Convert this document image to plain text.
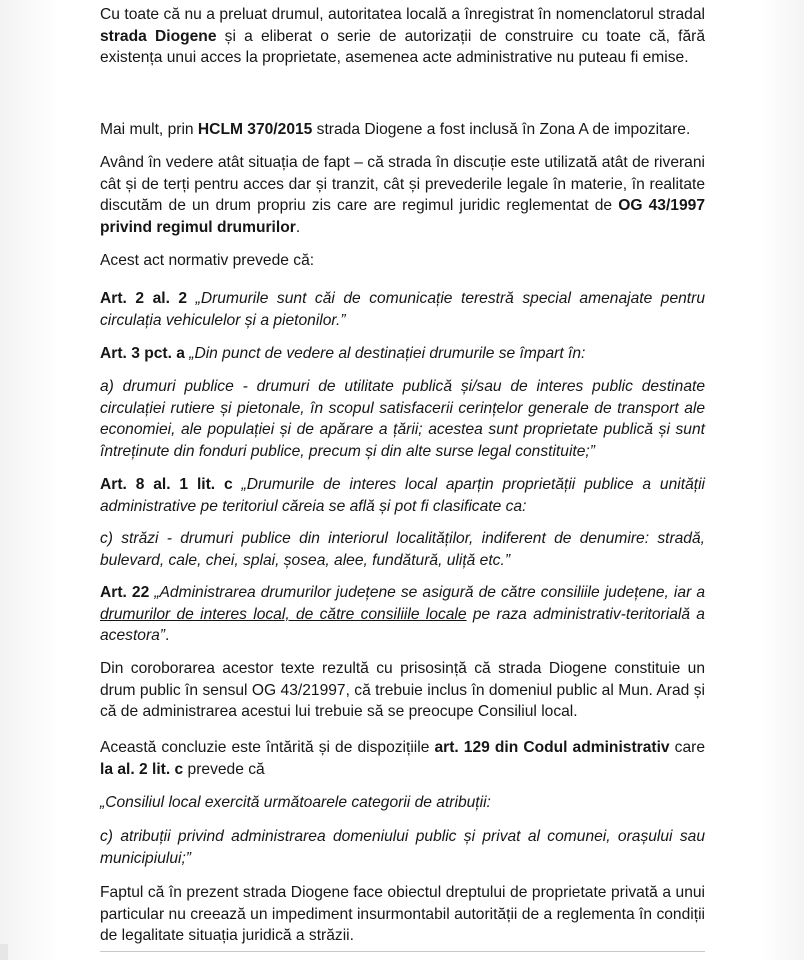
Cu toate că nu a preluat drumul, autoritatea locală a înregistrat în nomenclatorul stradal strada Diogene și a eliberat o serie de autorizații de construire cu toate că, fără existența unui acces la proprietate, asemenea acte administrative nu puteau fi emise.

Mai mult, prin HCLM 370/2015 strada Diogene a fost inclusă în Zona A de impozitare.

Având în vedere atât situația de fapt – că strada în discuție este utilizată atât de riverani cât și de terți pentru acces dar și tranzit, cât și prevederile legale în materie, în realitate discutăm de un drum propriu zis care are regimul juridic reglementat de OG 43/1997 privind regimul drumurilor.

Acest act normativ prevede că:

Art. 2 al. 2 „Drumurile sunt căi de comunicație terestră special amenajate pentru circulația vehiculelor și a pietonilor.”

Art. 3 pct. a „Din punct de vedere al destinației drumurile se împart în:

a) drumuri publice - drumuri de utilitate publică și/sau de interes public destinate circulației rutiere și pietonale, în scopul satisfacerii cerințelor generale de transport ale economiei, ale populației și de apărare a țării; acestea sunt proprietate publică și sunt întreținute din fonduri publice, precum și din alte surse legal constituite;”

Art. 8 al. 1 lit. c „Drumurile de interes local aparțin proprietății publice a unității administrative pe teritoriul căreia se află și pot fi clasificate ca:

c) străzi - drumuri publice din interiorul localităților, indiferent de denumire: stradă, bulevard, cale, chei, splai, șosea, alee, fundătură, uliță etc.”

Art. 22 „Administrarea drumurilor județene se asigură de către consiliile județene, iar a drumurilor de interes local, de către consiliile locale pe raza administrativ-teritorială a acestora”.

Din coroborarea acestor texte rezultă cu prisosință că strada Diogene constituie un drum public în sensul OG 43/21997, că trebuie inclus în domeniul public al Mun. Arad și că de administrarea acestui lui trebuie să se preocupe Consiliul local.

Această concluzie este întărită și de dispozițiile art. 129 din Codul administrativ care la al. 2 lit. c prevede că

„Consiliul local exercită următoarele categorii de atribuții:

c) atribuții privind administrarea domeniului public și privat al comunei, orașului sau municipiului;”

Faptul că în prezent strada Diogene face obiectul dreptului de proprietate privată a unui particular nu creează un impediment insurmontabil autorității de a reglementa în condiții de legalitate situația juridică a străzii.
